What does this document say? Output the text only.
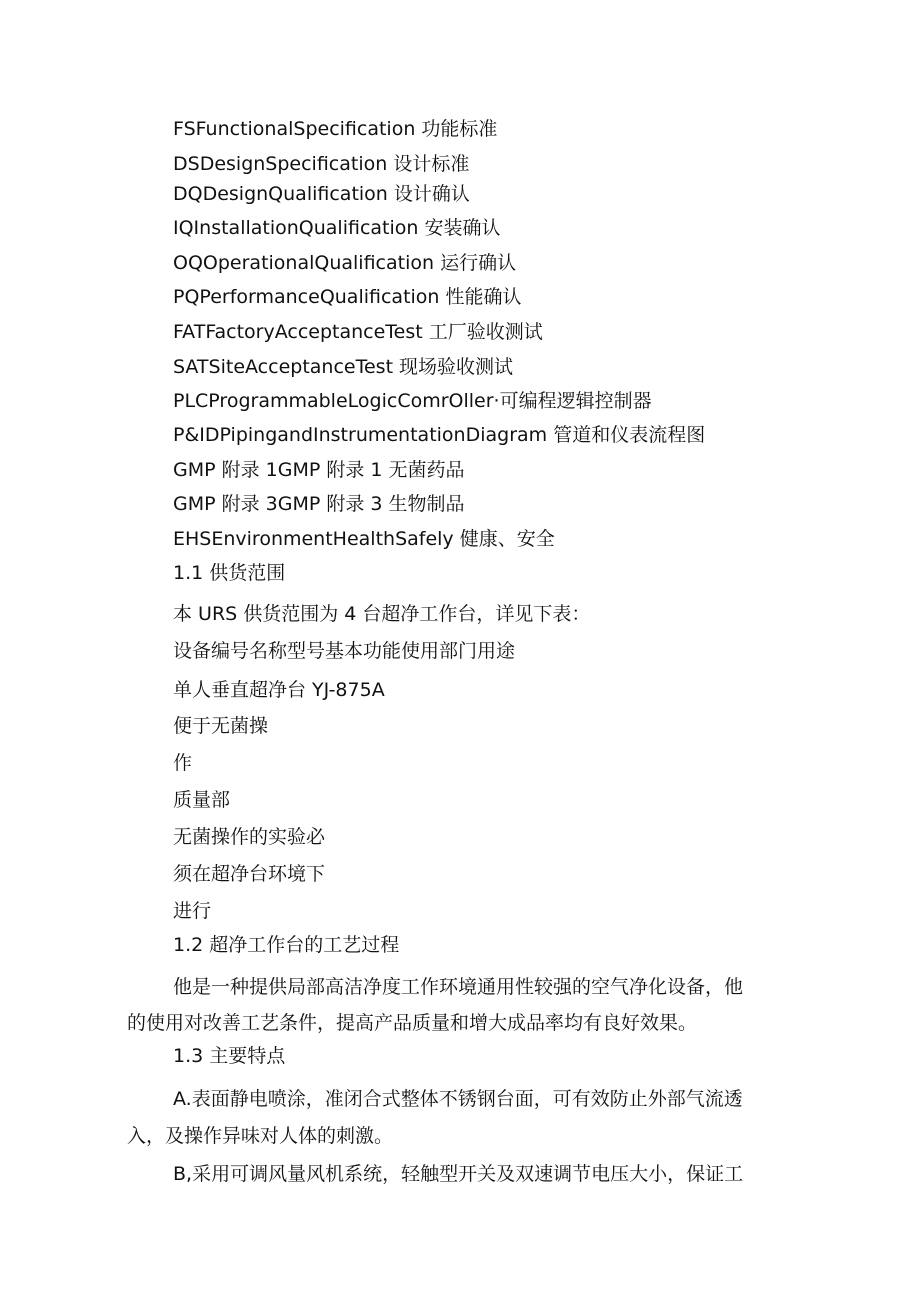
FSFunctionalSpecification 功能标准
DSDesignSpecification 设计标准
DQDesignQualification 设计确认
IQInstallationQualification 安装确认
OQOperationalQualification 运行确认
PQPerformanceQualification 性能确认
FATFactoryAcceptanceTest 工厂验收测试
SATSiteAcceptanceTest 现场验收测试
PLCProgrammableLogicComrOller·可编程逻辑控制器
P&IDPipingandInstrumentationDiagram 管道和仪表流程图
GMP 附录 1GMP 附录 1 无菌药品
GMP 附录 3GMP 附录 3 生物制品
EHSEnvironmentHealthSafely 健康、安全
1.1 供货范围
本 URS 供货范围为 4 台超净工作台，详见下表：
设备编号名称型号基本功能使用部门用途
单人垂直超净台 YJ-875A
便于无菌操
作
质量部
无菌操作的实验必
须在超净台环境下
进行
1.2 超净工作台的工艺过程
他是一种提供局部高洁净度工作环境通用性较强的空气净化设备，他
的使用对改善工艺条件，提高产品质量和增大成品率均有良好效果。
1.3 主要特点
A.表面静电喷涂，准闭合式整体不锈钢台面，可有效防止外部气流透
入，及操作异味对人体的刺激。
B,采用可调风量风机系统，轻触型开关及双速调节电压大小，保证工
